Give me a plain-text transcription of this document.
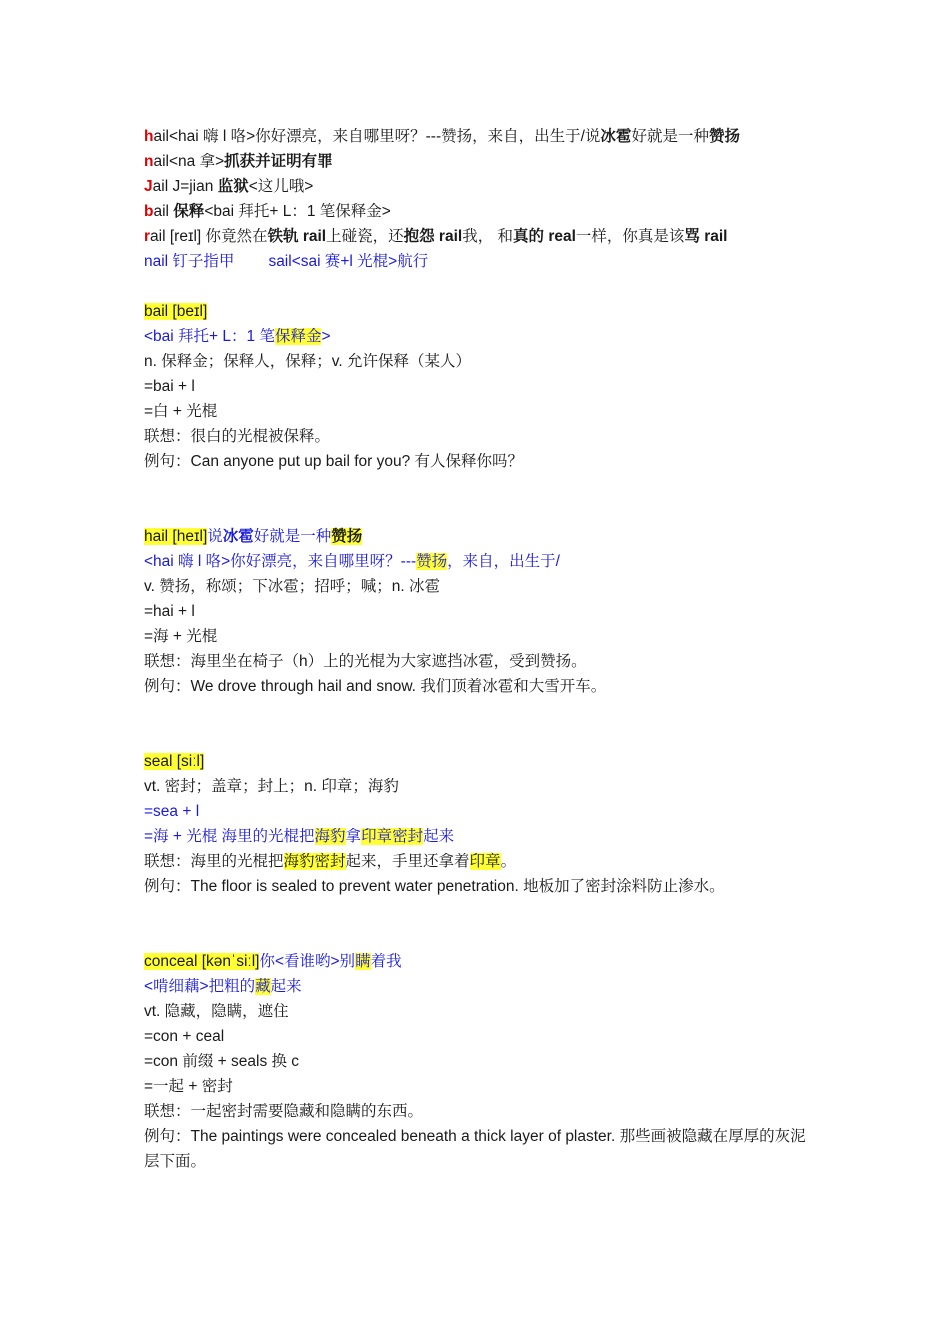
hail<hai 嗨 l 咯>你好漂亮，来自哪里呀？---赞扬，来自，出生于/说冰雹好就是一种赞扬
nail<na 拿>抓获并证明有罪
Jail J=jian 监狱<这儿哦>
bail 保释<bai 拜托+ L：1 笔保释金>
rail [reɪl] 你竟然在铁轨 rail上碰瓷，还抱怨 rail我， 和真的 real一样，你真是该骂 rail
nail 钉子指甲 sail<sai 赛+l 光棍>航行
bail [beɪl]
<bai 拜托+ L：1 笔保释金>
n. 保释金；保释人，保释；v. 允许保释（某人）
=bai + l
=白 + 光棍
联想：很白的光棍被保释。
例句：Can anyone put up bail for you? 有人保释你吗？
hail [heɪl]说冰雹好就是一种赞扬
<hai 嗨 l 咯>你好漂亮，来自哪里呀？---赞扬，来自，出生于/
v. 赞扬，称颂；下冰雹；招呼；喊；n. 冰雹
=hai + l
=海 + 光棍
联想：海里坐在椅子（h）上的光棍为大家遮挡冰雹，受到赞扬。
例句：We drove through hail and snow. 我们顶着冰雹和大雪开车。
seal [siːl]
vt. 密封；盖章；封上；n. 印章；海豹
=sea + l
=海 + 光棍 海里的光棍把海豹拿印章密封起来
联想：海里的光棍把海豹密封起来，手里还拿着印章。
例句：The floor is sealed to prevent water penetration. 地板加了密封涂料防止渗水。
conceal [kənˈsiːl]你<看谁哟>别瞒着我
<啃细藕>把粗的藏起来
vt. 隐藏，隐瞒，遮住
=con + ceal
=con 前缀 + seals 换 c
=一起 + 密封
联想：一起密封需要隐藏和隐瞒的东西。
例句：The paintings were concealed beneath a thick layer of plaster. 那些画被隐藏在厚厚的灰泥层下面。
